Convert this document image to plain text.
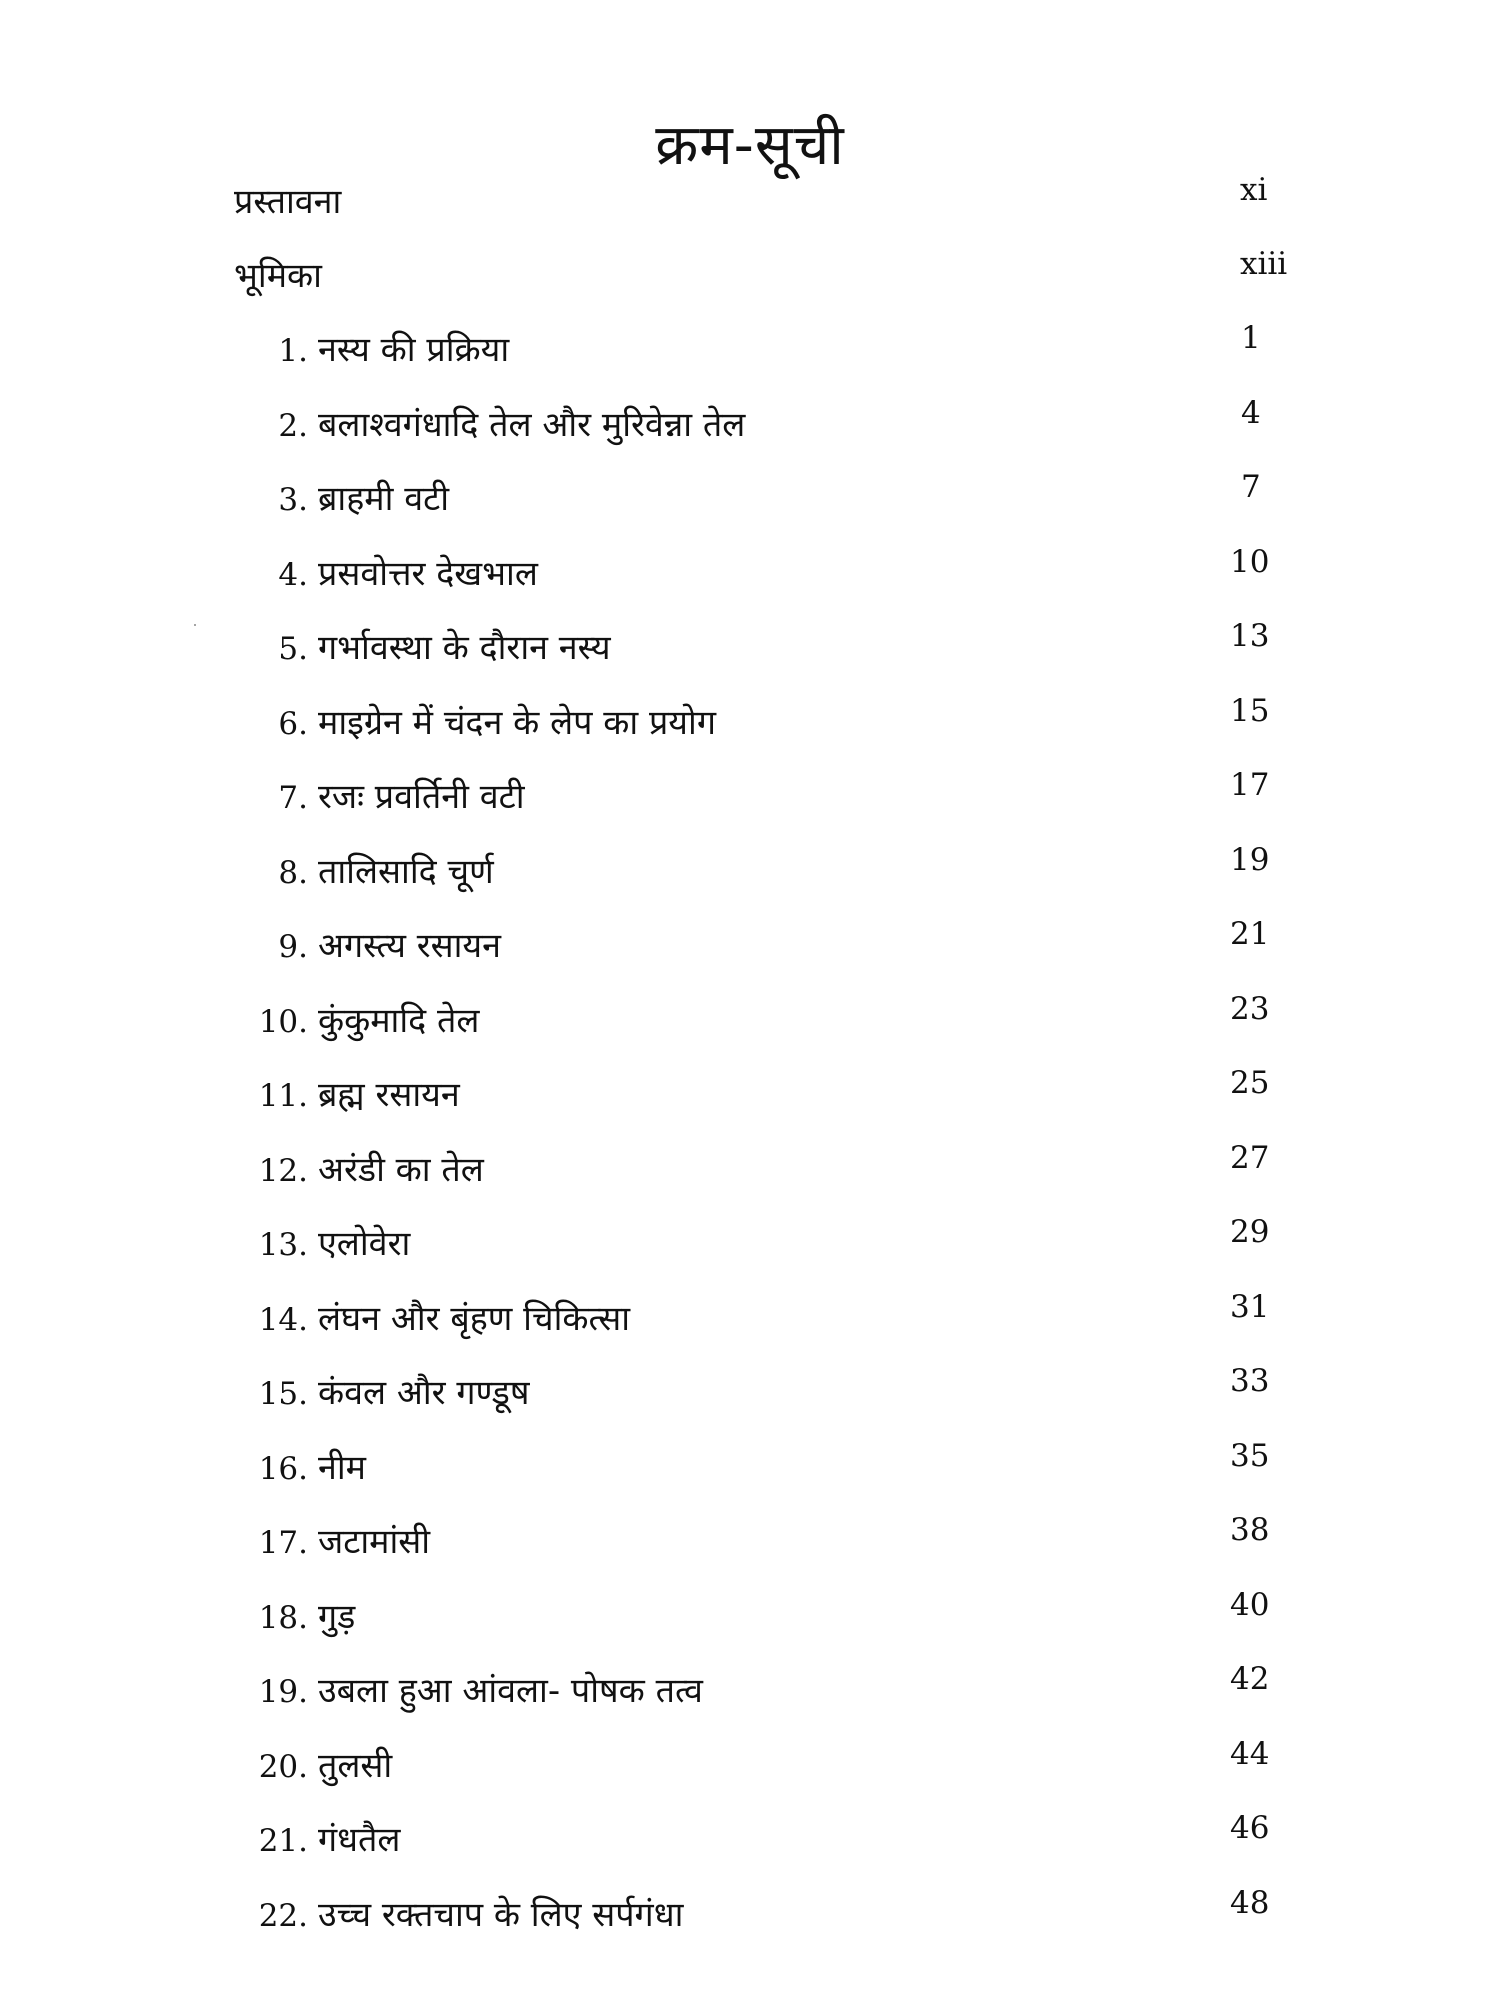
क्रम-सूची
प्रस्तावना	xi
भूमिका	xiii
1. नस्य की प्रक्रिया	1
2. बलाश्वगंधादि तेल और मुरिवेन्ना तेल	4
3. ब्राहमी वटी	7
4. प्रसवोत्तर देखभाल	10
5. गर्भावस्था के दौरान नस्य	13
6. माइग्रेन में चंदन के लेप का प्रयोग	15
7. रजः प्रवर्तिनी वटी	17
8. तालिसादि चूर्ण	19
9. अगस्त्य रसायन	21
10. कुंकुमादि तेल	23
11. ब्रह्म रसायन	25
12. अरंडी का तेल	27
13. एलोवेरा	29
14. लंघन और बृंहण चिकित्सा	31
15. कंवल और गण्डूष	33
16. नीम	35
17. जटामांसी	38
18. गुड़	40
19. उबला हुआ आंवला- पोषक तत्व	42
20. तुलसी	44
21. गंधतैल	46
22. उच्च रक्तचाप के लिए सर्पगंधा	48
